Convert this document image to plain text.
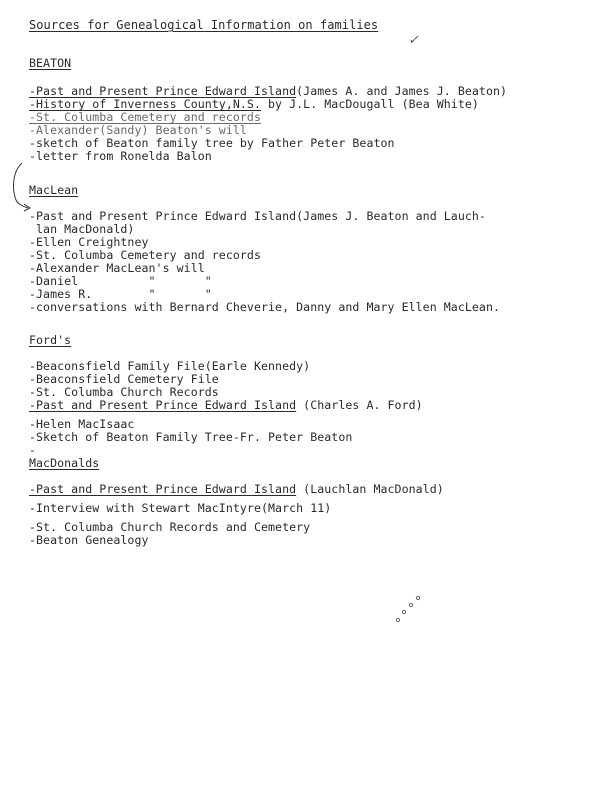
Sources for Genealogical Information on families
✓
BEATON
-Past and Present Prince Edward Island(James A. and James J. Beaton)
-History of Inverness County,N.S. by J.L. MacDougall (Bea White)
-St. Columba Cemetery and records
-Alexander(Sandy) Beaton's will
-sketch of Beaton family tree by Father Peter Beaton
-letter from Ronelda Balon
MacLean
-Past and Present Prince Edward Island(James J. Beaton and Lauch-
lan MacDonald)
-Ellen Creightney
-St. Columba Cemetery and records
-Alexander MacLean's will
-Daniel          "       "
-James R.        "       "
-conversations with Bernard Cheverie, Danny and Mary Ellen MacLean.
Ford's
-Beaconsfield Family File(Earle Kennedy)
-Beaconsfield Cemetery File
-St. Columba Church Records
-Past and Present Prince Edward Island (Charles A. Ford)
-Helen MacIsaac
-Sketch of Beaton Family Tree-Fr. Peter Beaton
-
MacDonalds
-Past and Present Prince Edward Island (Lauchlan MacDonald)
-Interview with Stewart MacIntyre(March 11)
-St. Columba Church Records and Cemetery
-Beaton Genealogy
